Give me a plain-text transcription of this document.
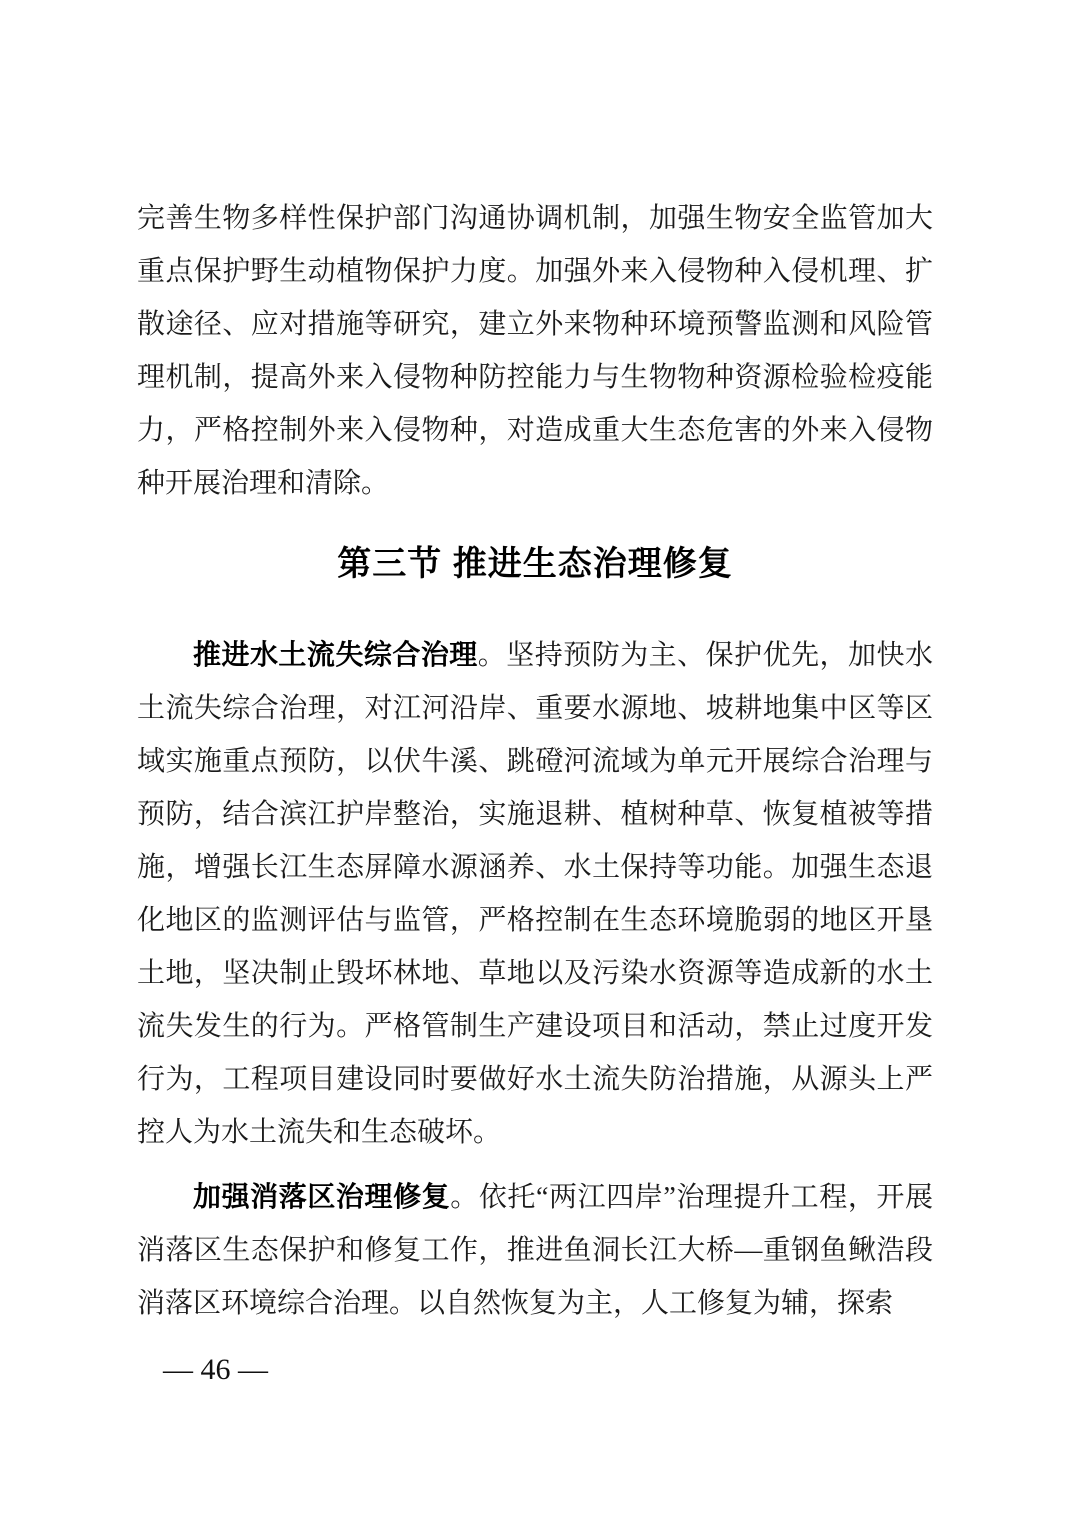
完善生物多样性保护部门沟通协调机制，加强生物安全监管加大重点保护野生动植物保护力度。加强外来入侵物种入侵机理、扩散途径、应对措施等研究，建立外来物种环境预警监测和风险管理机制，提高外来入侵物种防控能力与生物物种资源检验检疫能力，严格控制外来入侵物种，对造成重大生态危害的外来入侵物种开展治理和清除。

第三节 推进生态治理修复

推进水土流失综合治理。坚持预防为主、保护优先，加快水土流失综合治理，对江河沿岸、重要水源地、坡耕地集中区等区域实施重点预防，以伏牛溪、跳磴河流域为单元开展综合治理与预防，结合滨江护岸整治，实施退耕、植树种草、恢复植被等措施，增强长江生态屏障水源涵养、水土保持等功能。加强生态退化地区的监测评估与监管，严格控制在生态环境脆弱的地区开垦土地，坚决制止毁坏林地、草地以及污染水资源等造成新的水土流失发生的行为。严格管制生产建设项目和活动，禁止过度开发行为，工程项目建设同时要做好水土流失防治措施，从源头上严控人为水土流失和生态破坏。

加强消落区治理修复。依托“两江四岸”治理提升工程，开展消落区生态保护和修复工作，推进鱼洞长江大桥—重钢鱼鳅浩段消落区环境综合治理。以自然恢复为主，人工修复为辅，探索

— 46 —
